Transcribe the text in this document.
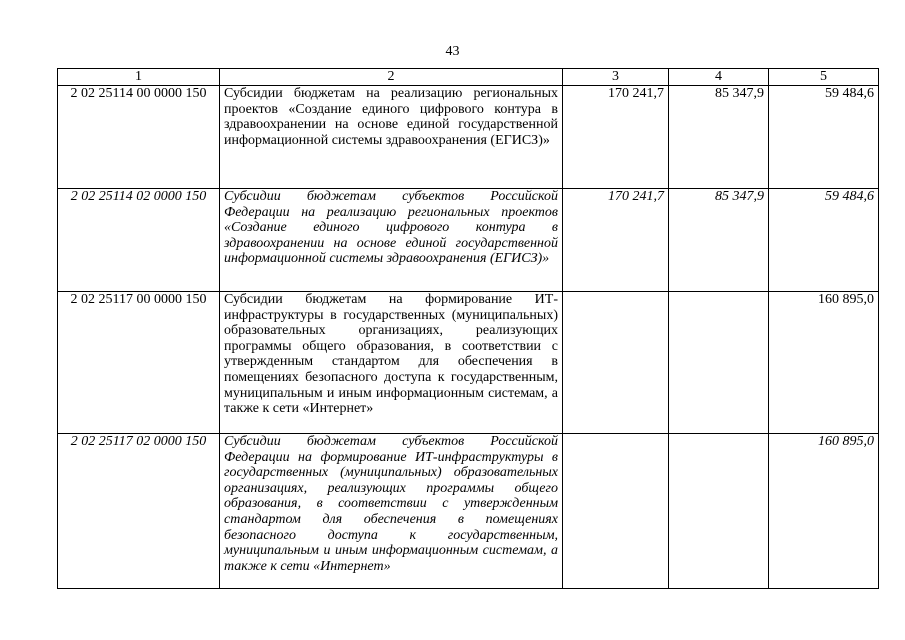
43
1	2	3	4	5
2 02 25114 00 0000 150	Субсидии бюджетам на реализацию региональных проектов «Создание единого цифрового контура в здравоохранении на основе единой государственной информационной системы здравоохранения (ЕГИСЗ)»	170 241,7	85 347,9	59 484,6
2 02 25114 02 0000 150	Субсидии бюджетам субъектов Российской Федерации на реализацию региональных проектов «Создание единого цифрового контура в здравоохранении на основе единой государственной информационной системы здравоохранения (ЕГИСЗ)»	170 241,7	85 347,9	59 484,6
2 02 25117 00 0000 150	Субсидии бюджетам на формирование ИТ-инфраструктуры в государственных (муниципальных) образовательных организациях, реализующих программы общего образования, в соответствии с утвержденным стандартом для обеспечения в помещениях безопасного доступа к государственным, муниципальным и иным информационным системам, а также к сети «Интернет»			160 895,0
2 02 25117 02 0000 150	Субсидии бюджетам субъектов Российской Федерации на формирование ИТ-инфраструктуры в государственных (муниципальных) образовательных организациях, реализующих программы общего образования, в соответствии с утвержденным стандартом для обеспечения в помещениях безопасного доступа к государственным, муниципальным и иным информационным системам, а также к сети «Интернет»			160 895,0
